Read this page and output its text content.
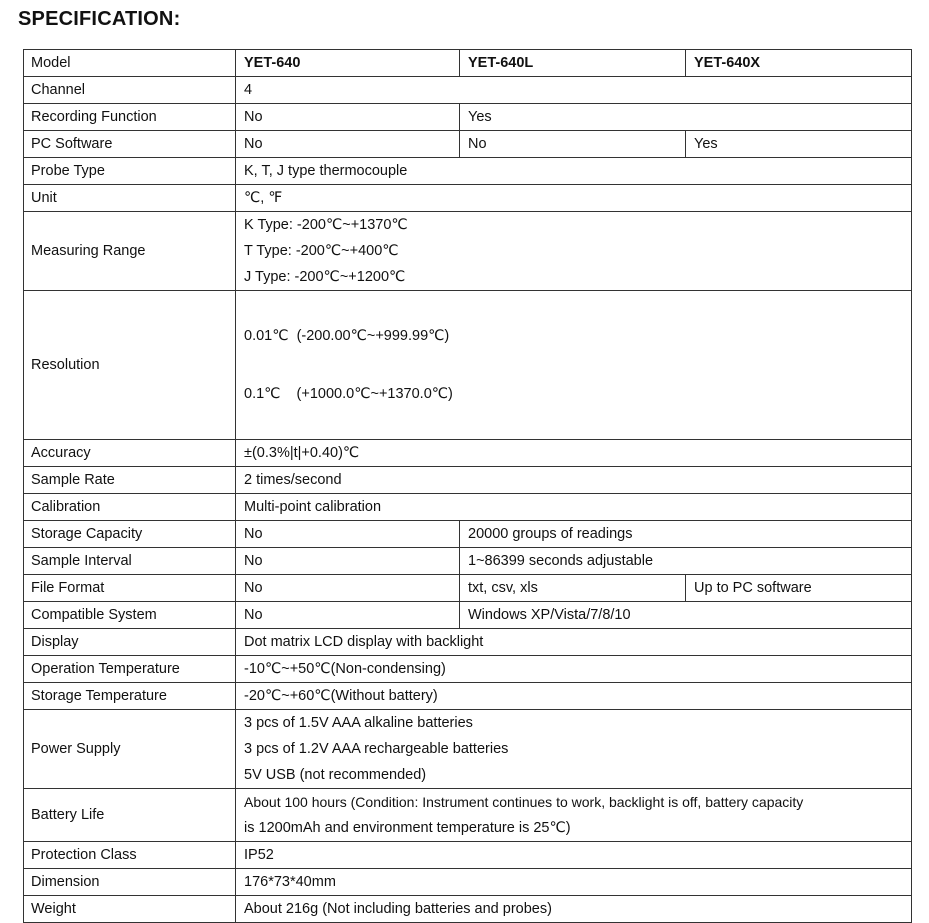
SPECIFICATION:
Model	YET-640	YET-640L	YET-640X
Channel	4		
Recording Function	No	Yes	
PC Software	No	No	Yes
Probe Type	K, T, J type thermocouple		
Unit	℃, ℉		
Measuring Range	K Type: -200℃~+1370℃
T Type: -200℃~+400℃
J Type: -200℃~+1200℃		

Resolution	0.01℃  (-200.00℃~+999.99℃)

0.1℃    (+1000.0℃~+1370.0℃)		

Accuracy	±(0.3%|t|+0.40)℃		
Sample Rate	2 times/second		
Calibration	Multi-point calibration		
Storage Capacity	No	20000 groups of readings	
Sample Interval	No	1~86399 seconds adjustable	
File Format	No	txt, csv, xls	Up to PC software
Compatible System	No	Windows XP/Vista/7/8/10	
Display	Dot matrix LCD display with backlight		
Operation Temperature	-10℃~+50℃(Non-condensing)		
Storage Temperature	-20℃~+60℃(Without battery)		
Power Supply	3 pcs of 1.5V AAA alkaline batteries
3 pcs of 1.2V AAA rechargeable batteries
5V USB (not recommended)		

Battery Life	About 100 hours (Condition: Instrument continues to work, backlight is off, battery capacity
is 1200mAh and environment temperature is 25℃)		

Protection Class	IP52		
Dimension	176*73*40mm		
Weight	About 216g (Not including batteries and probes)		
